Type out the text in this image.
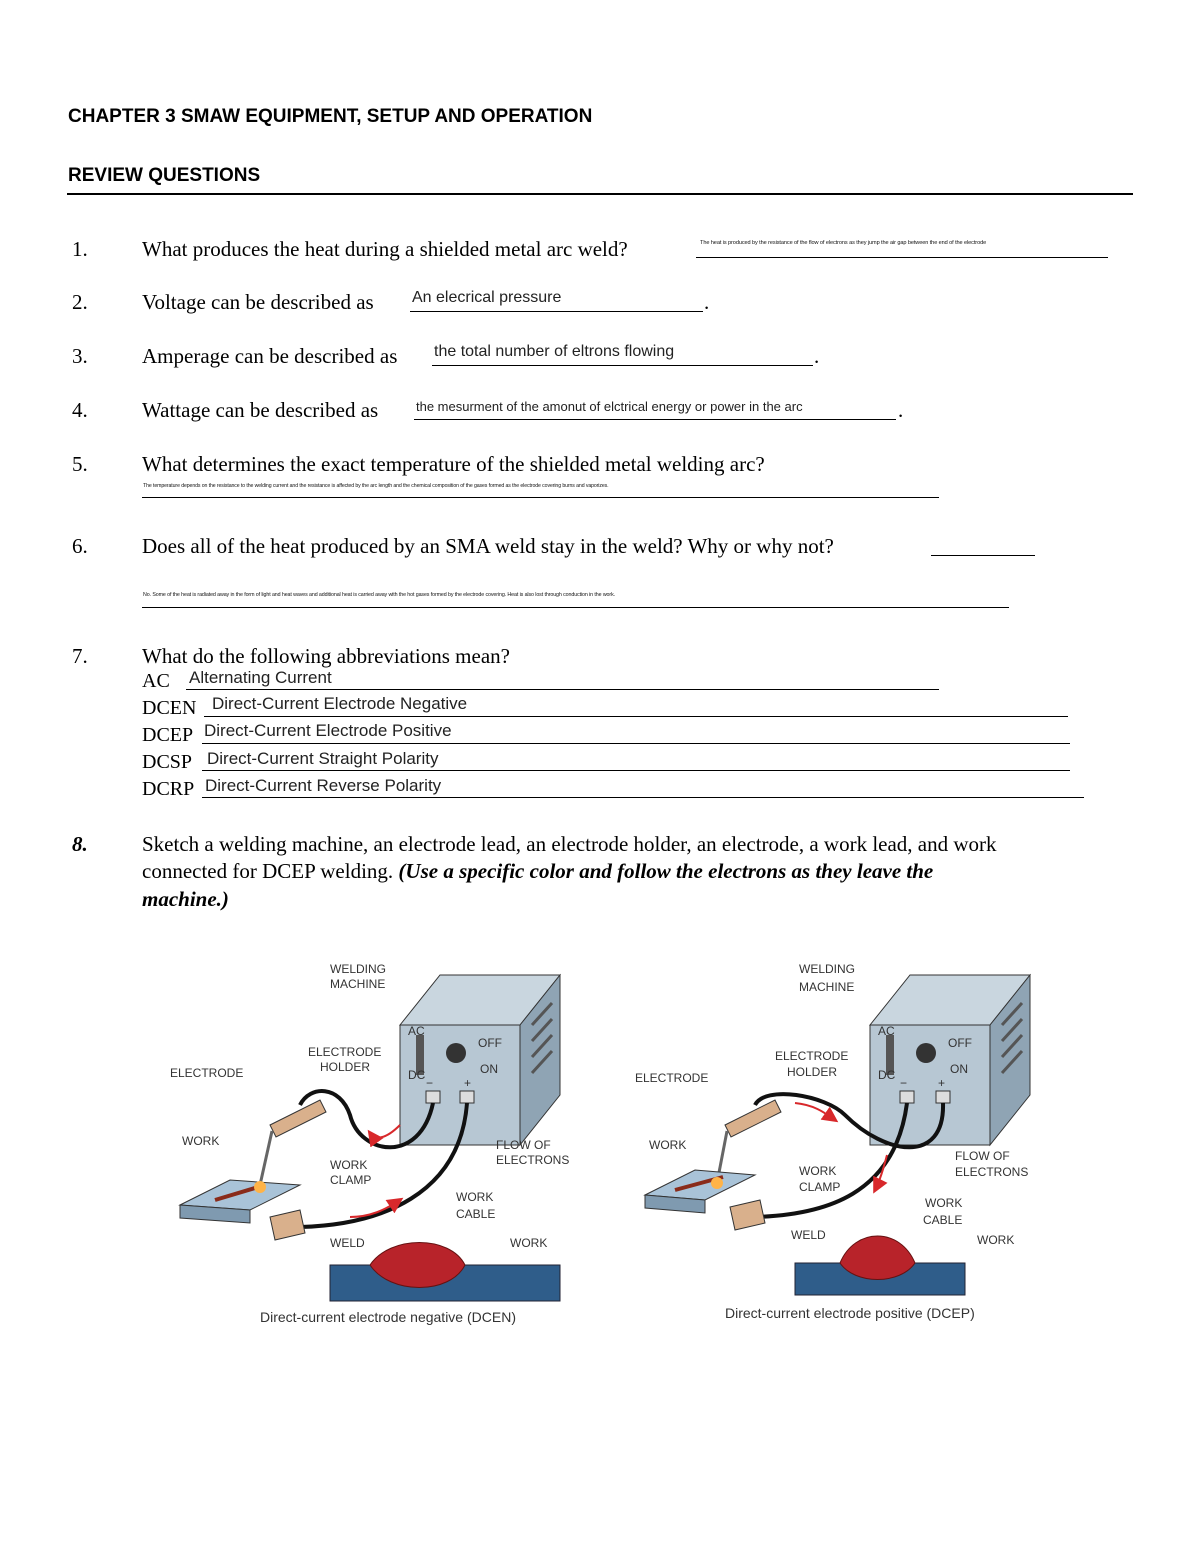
CHAPTER 3 SMAW EQUIPMENT, SETUP AND OPERATION
REVIEW QUESTIONS
1.	What produces the heat during a shielded metal arc weld?	The heat is produced by the resistance of the flow of electrons as they jump the air gap between the end of the electrode
2.	Voltage can be described as An elecrical pressure	.
3.	Amperage can be described as the total number of eltrons flowing	.
4.	Wattage can be described as	the mesurment of the amonut of elctrical energy or power in the arc	.
5.	What determines the exact temperature of the shielded metal welding arc?
The temperature depends on the resistance to the welding current and the resistance is affected by the arc length and the chemical composition of the gases formed as the electrode covering burns and vaporizes.
6.	Does all of the heat produced by an SMA weld stay in the weld? Why or why not?
No. Some of the heat is radiated away in the form of light and heat waves and additional heat is carried away with the hot gases formed by the electrode covering. Heat is also lost through conduction in the work.
7.	What do the following abbreviations mean?
AC Alternating Current
DCEN Direct-Current Electrode Negative
DCEP Direct-Current Electrode Positive
DCSP Direct-Current Straight Polarity
DCRP Direct-Current Reverse Polarity
8.	Sketch a welding machine, an electrode lead, an electrode holder, an electrode, a work lead, and work
connected for DCEP welding. (Use a specific color and follow the electrons as they leave the
machine.)
AC
DC
OFF
ON
−	+
WELDING
MACHINE
ELECTRODE
HOLDER
ELECTRODE
WORK
WORK
CLAMP
FLOW OF
ELECTRONS
WORK
CABLE
WELD	WORK
Direct-current electrode negative (DCEN)
AC
DC
OFF
ON
−	+
WELDING
MACHINE
ELECTRODE
HOLDER
ELECTRODE
WORK
WORK
CLAMP
FLOW OF
ELECTRONS
WORK
CABLE
WELD	WORK
Direct-current electrode positive (DCEP)
